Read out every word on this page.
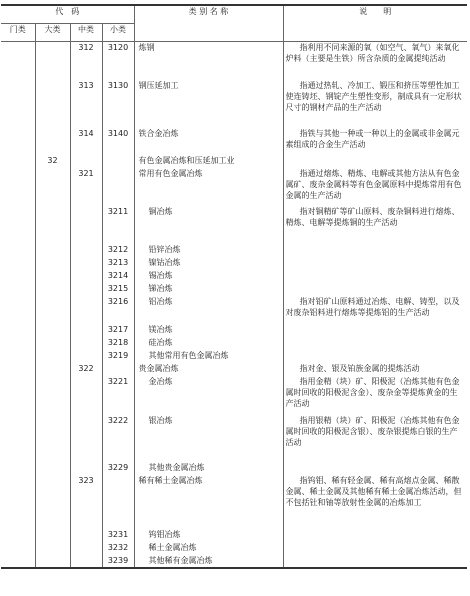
代　码				类 别 名 称	说　　明
门类	大类	中类	小类		
		312	3120	炼钢	指利用不同来源的氧（如空气、氧气）来氧化炉料（主要是生铁）所含杂质的金属提纯活动
		313	3130	钢压延加工	指通过热轧、冷加工、锻压和挤压等塑性加工使连铸坯、钢锭产生塑性变形，制成具有一定形状尺寸的钢材产品的生产活动
		314	3140	铁合金冶炼	指铁与其他一种或一种以上的金属或非金属元素组成的合金生产活动
	32			有色金属冶炼和压延加工业	
		321		常用有色金属冶炼	指通过熔炼、精炼、电解或其他方法从有色金属矿、废杂金属料等有色金属原料中提炼常用有色金属的生产活动
			3211	铜冶炼	指对铜精矿等矿山原料、废杂铜料进行熔炼、精炼、电解等提炼铜的生产活动
			3212	铅锌冶炼	
			3213	镍钴冶炼	
			3214	锡冶炼	
			3215	锑冶炼	
			3216	铝冶炼	指对铝矿山原料通过冶炼、电解、铸型，以及对废杂铝料进行熔炼等提炼铝的生产活动
			3217	镁冶炼	
			3218	硅冶炼	
			3219	其他常用有色金属冶炼	
		322		贵金属冶炼	指对金、银及铂族金属的提炼活动
			3221	金冶炼	指用金精（块）矿、阳极泥（冶炼其他有色金属时回收的阳极泥含金）、废杂金等提炼黄金的生产活动
			3222	银冶炼	指用银精（块）矿、阳极泥（冶炼其他有色金属时回收的阳极泥含银）、废杂银提炼白银的生产活动
			3229	其他贵金属冶炼	
		323		稀有稀土金属冶炼	指钨钼、稀有轻金属、稀有高熔点金属、稀散金属、稀土金属及其他稀有稀土金属冶炼活动，但不包括钍和铀等放射性金属的冶炼加工
			3231	钨钼冶炼	
			3232	稀土金属冶炼	
			3239	其他稀有金属冶炼	
